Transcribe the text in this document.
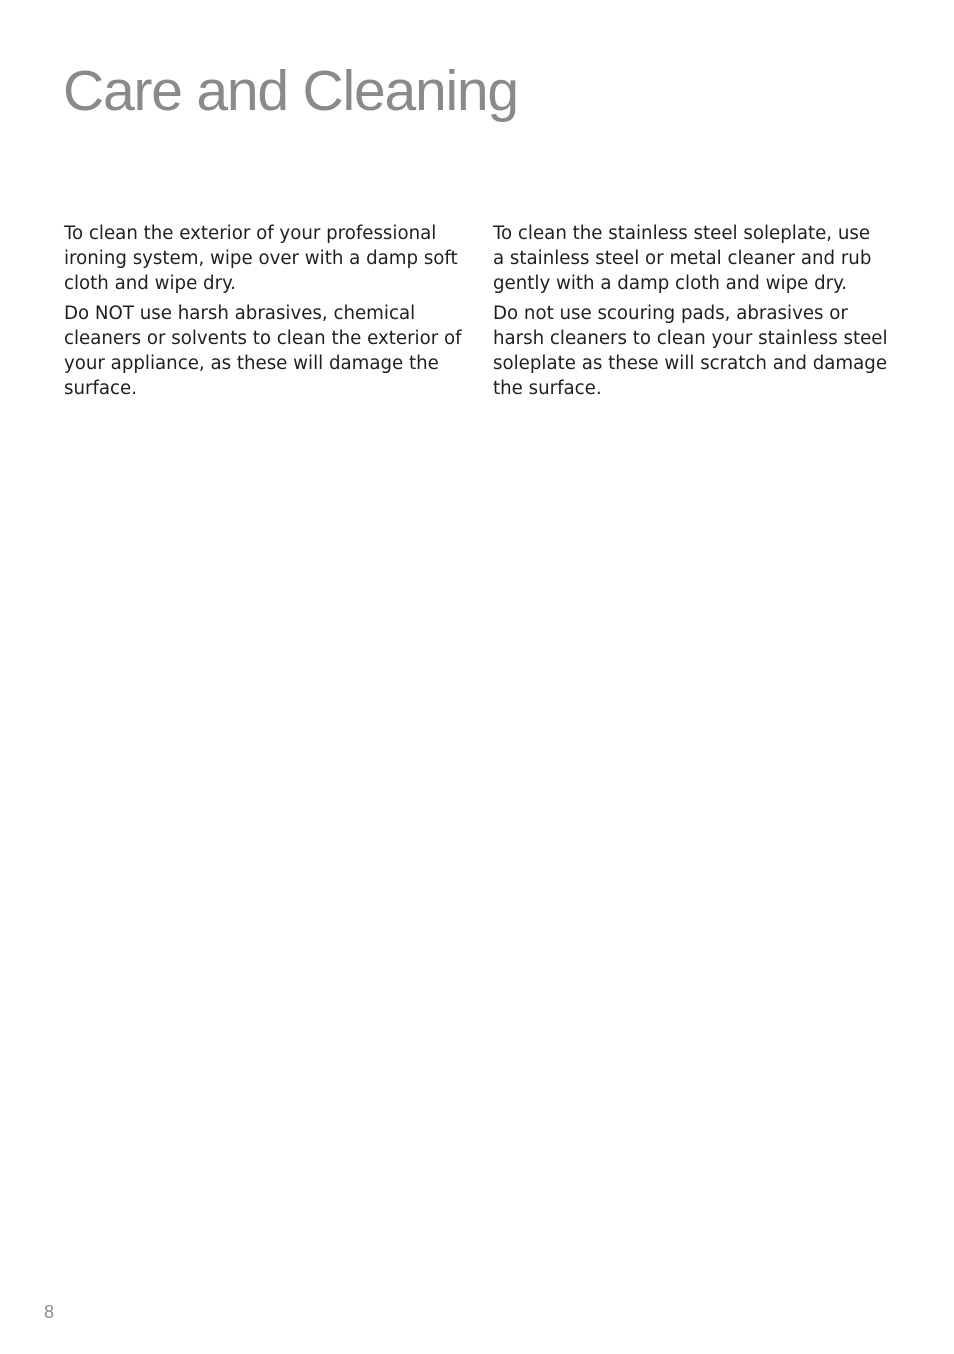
Care and Cleaning

To clean the exterior of your professional
ironing system, wipe over with a damp soft
cloth and wipe dry.

Do NOT use harsh abrasives, chemical
cleaners or solvents to clean the exterior of
your appliance, as these will damage the
surface.

To clean the stainless steel soleplate, use
a stainless steel or metal cleaner and rub
gently with a damp cloth and wipe dry.

Do not use scouring pads, abrasives or
harsh cleaners to clean your stainless steel
soleplate as these will scratch and damage
the surface.

8
